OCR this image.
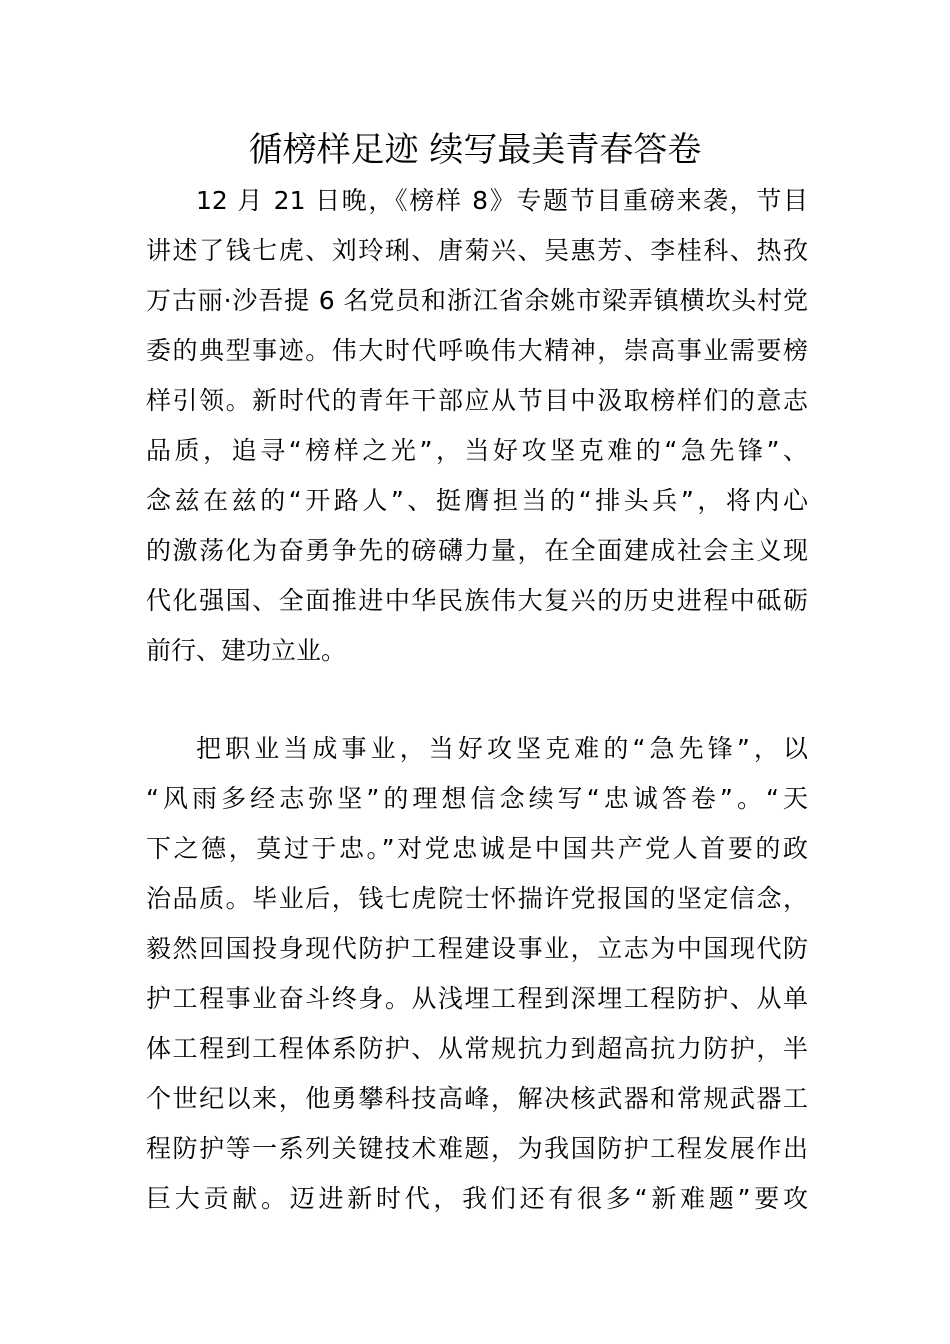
循榜样足迹 续写最美青春答卷
12 月 21 日晚，《榜样 8》专题节目重磅来袭，节目
讲述了钱七虎、刘玲琍、唐菊兴、吴惠芳、李桂科、热孜
万古丽·沙吾提 6 名党员和浙江省余姚市梁弄镇横坎头村党
委的典型事迹。伟大时代呼唤伟大精神，崇高事业需要榜
样引领。新时代的青年干部应从节目中汲取榜样们的意志
品质，追寻“榜样之光”，当好攻坚克难的“急先锋”、
念兹在兹的“开路人”、挺膺担当的“排头兵”，将内心
的激荡化为奋勇争先的磅礴力量，在全面建成社会主义现
代化强国、全面推进中华民族伟大复兴的历史进程中砥砺
前行、建功立业。
把职业当成事业，当好攻坚克难的“急先锋”，以
“风雨多经志弥坚”的理想信念续写“忠诚答卷”。“天
下之德，莫过于忠。”对党忠诚是中国共产党人首要的政
治品质。毕业后，钱七虎院士怀揣许党报国的坚定信念，
毅然回国投身现代防护工程建设事业，立志为中国现代防
护工程事业奋斗终身。从浅埋工程到深埋工程防护、从单
体工程到工程体系防护、从常规抗力到超高抗力防护，半
个世纪以来，他勇攀科技高峰，解决核武器和常规武器工
程防护等一系列关键技术难题，为我国防护工程发展作出
巨大贡献。迈进新时代，我们还有很多“新难题”要攻
